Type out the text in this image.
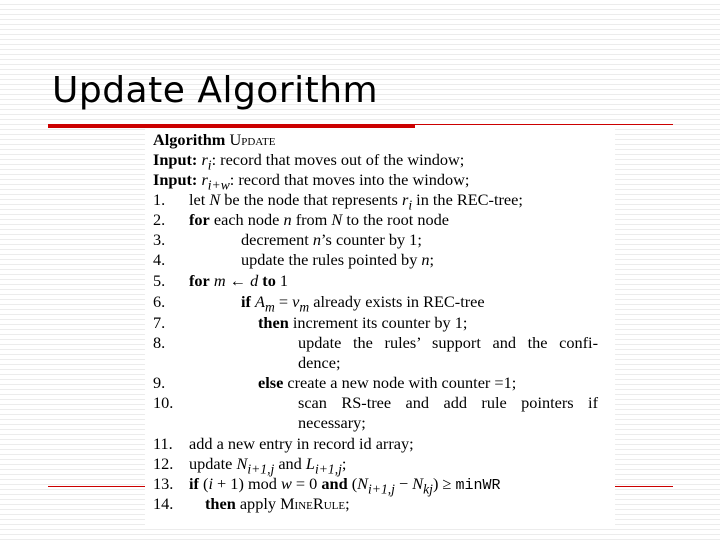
Update Algorithm
Algorithm Update
Input: $r_i$: record that moves out of the window;
Input: $r_{i+w}$: record that moves into the window;
1. let N be the node that represents $r_i$ in the REC-tree;
2. for each node n from N to the root node
3.	decrement n’s counter by 1;
4.	update the rules pointed by n;
5. for m ← d to 1
6.	if $A_m = v_m$ already exists in REC-tree
7.	then increment its counter by 1;
8.	update the rules’ support and the confi-
dence;
9.	else create a new node with counter =1;
10.	scan RS-tree and add rule pointers if
necessary;
11. add a new entry in record id array;
12. update $N_{i+1,j}$ and $L_{i+1,j}$;
13. if (i + 1) mod w = 0 and $(N_{i+1,j} - N_{kj})$ ≥ minWR
14. then apply MineRule;
